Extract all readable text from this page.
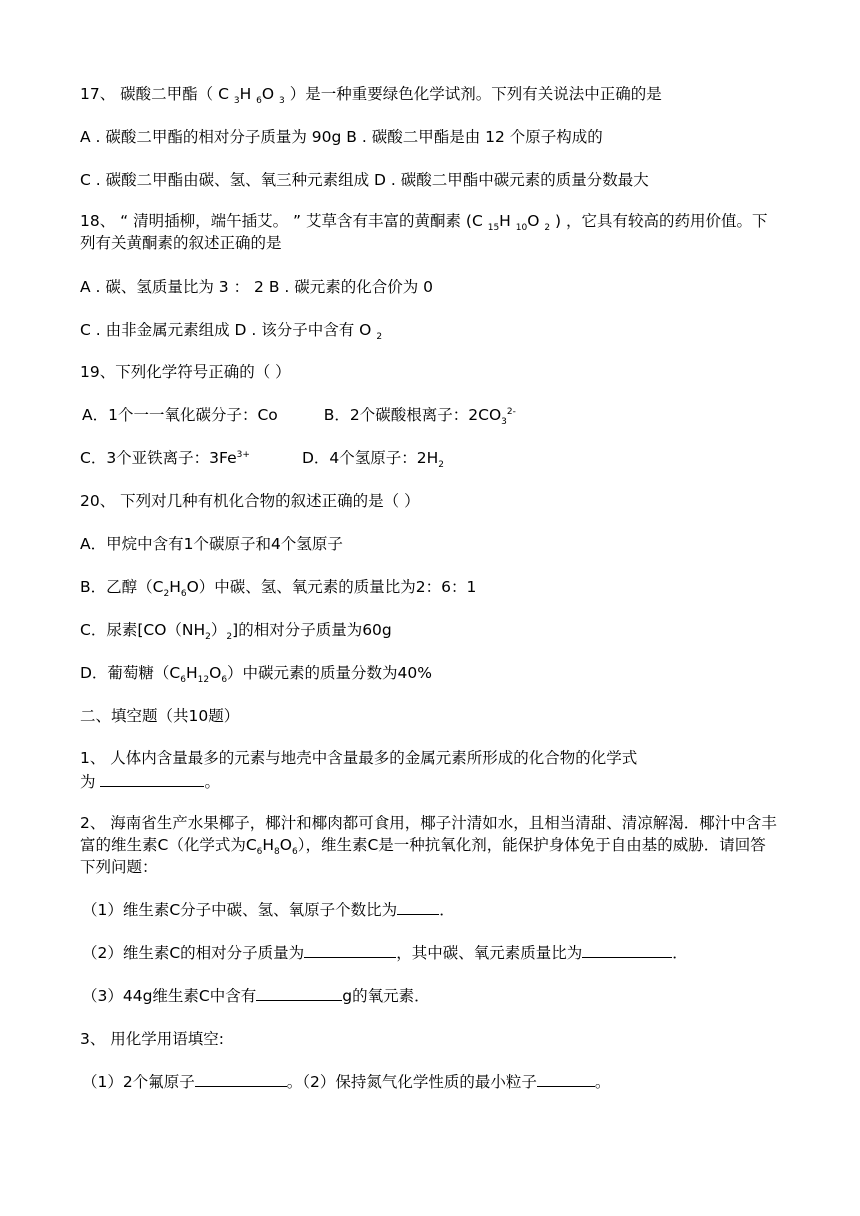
17、 碳酸二甲酯（ C $_3$H $_6$O $_3$ ）是一种重要绿色化学试剂。下列有关说法中正确的是
A . 碳酸二甲酯的相对分子质量为 90g B . 碳酸二甲酯是由 12 个原子构成的
C . 碳酸二甲酯由碳、氢、氧三种元素组成 D . 碳酸二甲酯中碳元素的质量分数最大
18、 “ 清明插柳，端午插艾。 ” 艾草含有丰富的黄酮素 (C $_{15}$H $_{10}$O $_2$ ) ，它具有较高的药用价值。下列有关黄酮素的叙述正确的是
A . 碳、氢质量比为 3 ： 2 B . 碳元素的化合价为 0
C . 由非金属元素组成 D . 该分子中含有 O $_2$
19、下列化学符号正确的（ ）
A．1个一一氧化碳分子：Co	B．2个碳酸根离子：$2CO_3^{2-}$
C．3个亚铁离子：$3Fe^{3+}$	D．4个氢原子：$2H_2$
20、 下列对几种有机化合物的叙述正确的是（ ）
A．甲烷中含有1个碳原子和4个氢原子
B．乙醇$(C_2H_6O)$中碳、氢、氧元素的质量比为2：6：1
C．尿素$[CO(NH_2)_2]$的相对分子质量为60g
D．葡萄糖$(C_6H_{12}O_6)$中碳元素的质量分数为40%
二、填空题（共10题）
1、 人体内含量最多的元素与地壳中含量最多的金属元素所形成的化合物的化学式
为	。
2、 海南省生产水果椰子，椰汁和椰肉都可食用，椰子汁清如水，且相当清甜、清凉解渴．椰汁中含丰富的维生素C（化学式为$C_6H_8O_6$），维生素C是一种抗氧化剂，能保护身体免于自由基的威胁．请回答下列问题：
（1）维生素C分子中碳、氢、氧原子个数比为	．
（2）维生素C的相对分子质量为	，其中碳、氧元素质量比为	．
（3）44g维生素C中含有	g的氧元素．
3、 用化学用语填空:
（1）2个氟原子	。（2）保持氮气化学性质的最小粒子	。
